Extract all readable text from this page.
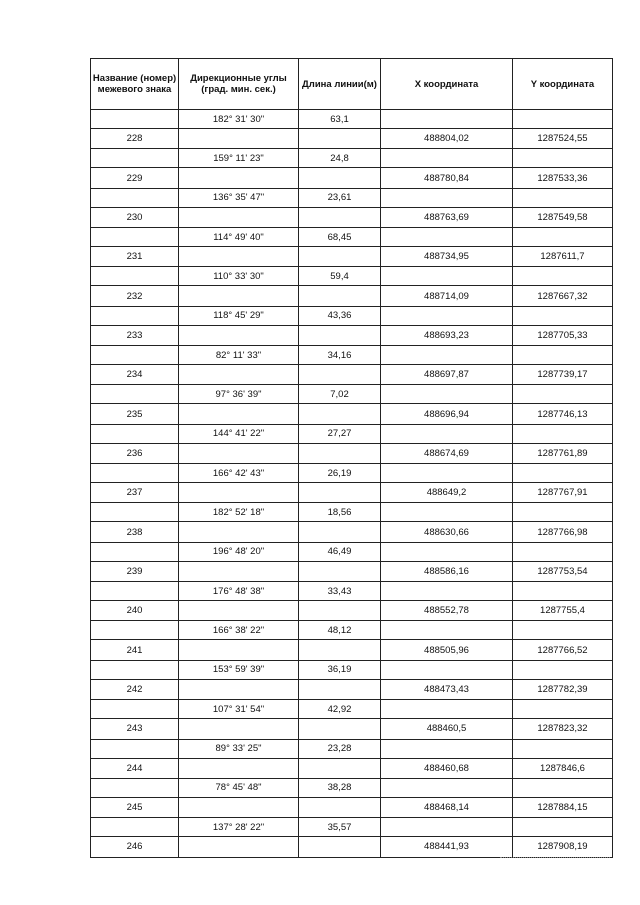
Название (номер) межевого знака	Дирекционные углы (град. мин. сек.)	Длина линии(м)	X координата	Y координата
	182° 31' 30"	63,1		
228			488804,02	1287524,55
	159° 11' 23"	24,8		
229			488780,84	1287533,36
	136° 35' 47"	23,61		
230			488763,69	1287549,58
	114° 49' 40"	68,45		
231			488734,95	1287611,7
	110° 33' 30"	59,4		
232			488714,09	1287667,32
	118° 45' 29"	43,36		
233			488693,23	1287705,33
	82° 11' 33"	34,16		
234			488697,87	1287739,17
	97° 36' 39"	7,02		
235			488696,94	1287746,13
	144° 41' 22"	27,27		
236			488674,69	1287761,89
	166° 42' 43"	26,19		
237			488649,2	1287767,91
	182° 52' 18"	18,56		
238			488630,66	1287766,98
	196° 48' 20"	46,49		
239			488586,16	1287753,54
	176° 48' 38"	33,43		
240			488552,78	1287755,4
	166° 38' 22"	48,12		
241			488505,96	1287766,52
	153° 59' 39"	36,19		
242			488473,43	1287782,39
	107° 31' 54"	42,92		
243			488460,5	1287823,32
	89° 33' 25"	23,28		
244			488460,68	1287846,6
	78° 45' 48"	38,28		
245			488468,14	1287884,15
	137° 28' 22"	35,57		
246			488441,93	1287908,19
